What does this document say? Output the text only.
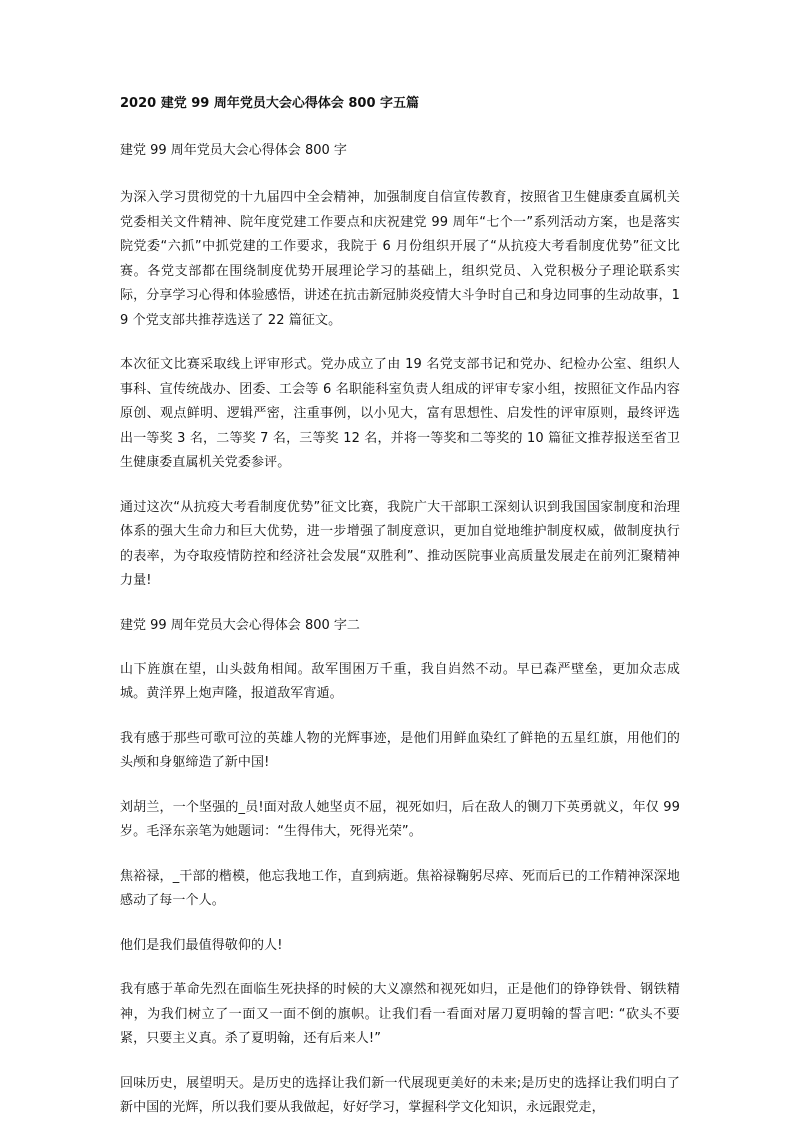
2020 建党 99 周年党员大会心得体会 800 字五篇

建党 99 周年党员大会心得体会 800 字

为深入学习贯彻党的十九届四中全会精神，加强制度自信宣传教育，按照省卫生健康委直属机关党委相关文件精神、院年度党建工作要点和庆祝建党 99 周年“七个一”系列活动方案，也是落实院党委“六抓”中抓党建的工作要求，我院于 6 月份组织开展了“从抗疫大考看制度优势”征文比赛。各党支部都在围绕制度优势开展理论学习的基础上，组织党员、入党积极分子理论联系实际，分享学习心得和体验感悟，讲述在抗击新冠肺炎疫情大斗争时自己和身边同事的生动故事，19 个党支部共推荐选送了 22 篇征文。

本次征文比赛采取线上评审形式。党办成立了由 19 名党支部书记和党办、纪检办公室、组织人事科、宣传统战办、团委、工会等 6 名职能科室负责人组成的评审专家小组，按照征文作品内容原创、观点鲜明、逻辑严密，注重事例，以小见大，富有思想性、启发性的评审原则，最终评选出一等奖 3 名，二等奖 7 名，三等奖 12 名，并将一等奖和二等奖的 10 篇征文推荐报送至省卫生健康委直属机关党委参评。

通过这次“从抗疫大考看制度优势”征文比赛，我院广大干部职工深刻认识到我国国家制度和治理体系的强大生命力和巨大优势，进一步增强了制度意识，更加自觉地维护制度权威，做制度执行的表率，为夺取疫情防控和经济社会发展“双胜利”、推动医院事业高质量发展走在前列汇聚精神力量!

建党 99 周年党员大会心得体会 800 字二

山下旌旗在望，山头鼓角相闻。敌军围困万千重，我自岿然不动。早已森严壁垒，更加众志成城。黄洋界上炮声隆，报道敌军宵遁。

我有感于那些可歌可泣的英雄人物的光辉事迹，是他们用鲜血染红了鲜艳的五星红旗，用他们的头颅和身躯缔造了新中国!

刘胡兰，一个坚强的_员!面对敌人她坚贞不屈，视死如归，后在敌人的铡刀下英勇就义，年仅 99 岁。毛泽东亲笔为她题词：“生得伟大，死得光荣”。

焦裕禄，_干部的楷模，他忘我地工作，直到病逝。焦裕禄鞠躬尽瘁、死而后已的工作精神深深地感动了每一个人。

他们是我们最值得敬仰的人!

我有感于革命先烈在面临生死抉择的时候的大义凛然和视死如归，正是他们的铮铮铁骨、钢铁精神，为我们树立了一面又一面不倒的旗帜。让我们看一看面对屠刀夏明翰的誓言吧: “砍头不要紧，只要主义真。杀了夏明翰，还有后来人!”

回味历史，展望明天。是历史的选择让我们新一代展现更美好的未来;是历史的选择让我们明白了新中国的光辉，所以我们要从我做起，好好学习，掌握科学文化知识，永远跟党走，
